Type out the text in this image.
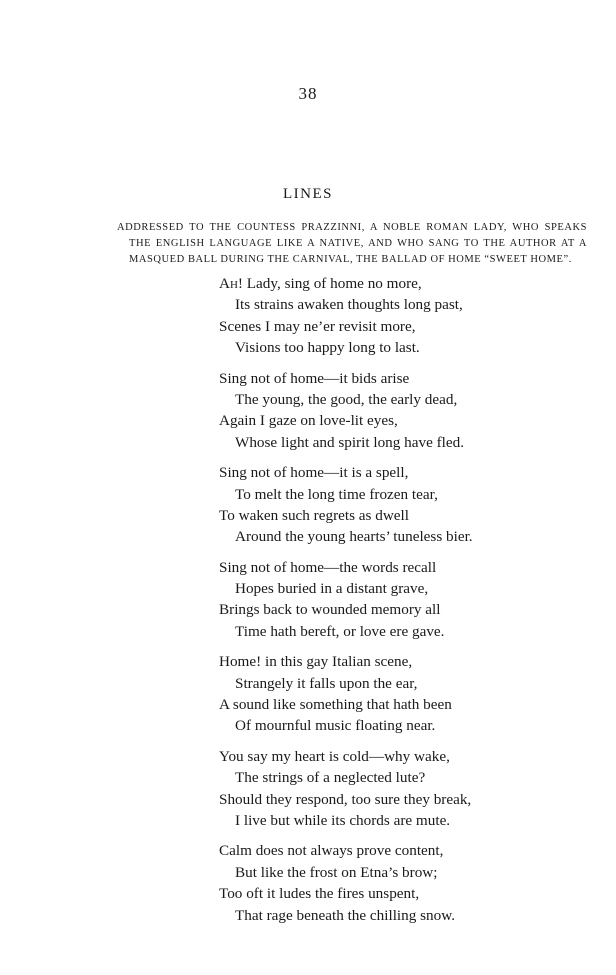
38
LINES
ADDRESSED TO THE COUNTESS PRAZZINNI, A NOBLE ROMAN LADY, WHO SPEAKS THE ENGLISH LANGUAGE LIKE A NATIVE, AND WHO SANG TO THE AUTHOR AT A MASQUED BALL DURING THE CARNIVAL, THE BALLAD OF HOME “SWEET HOME”.
Ah! Lady, sing of home no more,
Its strains awaken thoughts long past,
Scenes I may ne’er revisit more,
Visions too happy long to last.
Sing not of home—it bids arise
The young, the good, the early dead,
Again I gaze on love-lit eyes,
Whose light and spirit long have fled.
Sing not of home—it is a spell,
To melt the long time frozen tear,
To waken such regrets as dwell
Around the young hearts’ tuneless bier.
Sing not of home—the words recall
Hopes buried in a distant grave,
Brings back to wounded memory all
Time hath bereft, or love ere gave.
Home! in this gay Italian scene,
Strangely it falls upon the ear,
A sound like something that hath been
Of mournful music floating near.
You say my heart is cold—why wake,
The strings of a neglected lute?
Should they respond, too sure they break,
I live but while its chords are mute.
Calm does not always prove content,
But like the frost on Etna’s brow;
Too oft it ludes the fires unspent,
That rage beneath the chilling snow.
